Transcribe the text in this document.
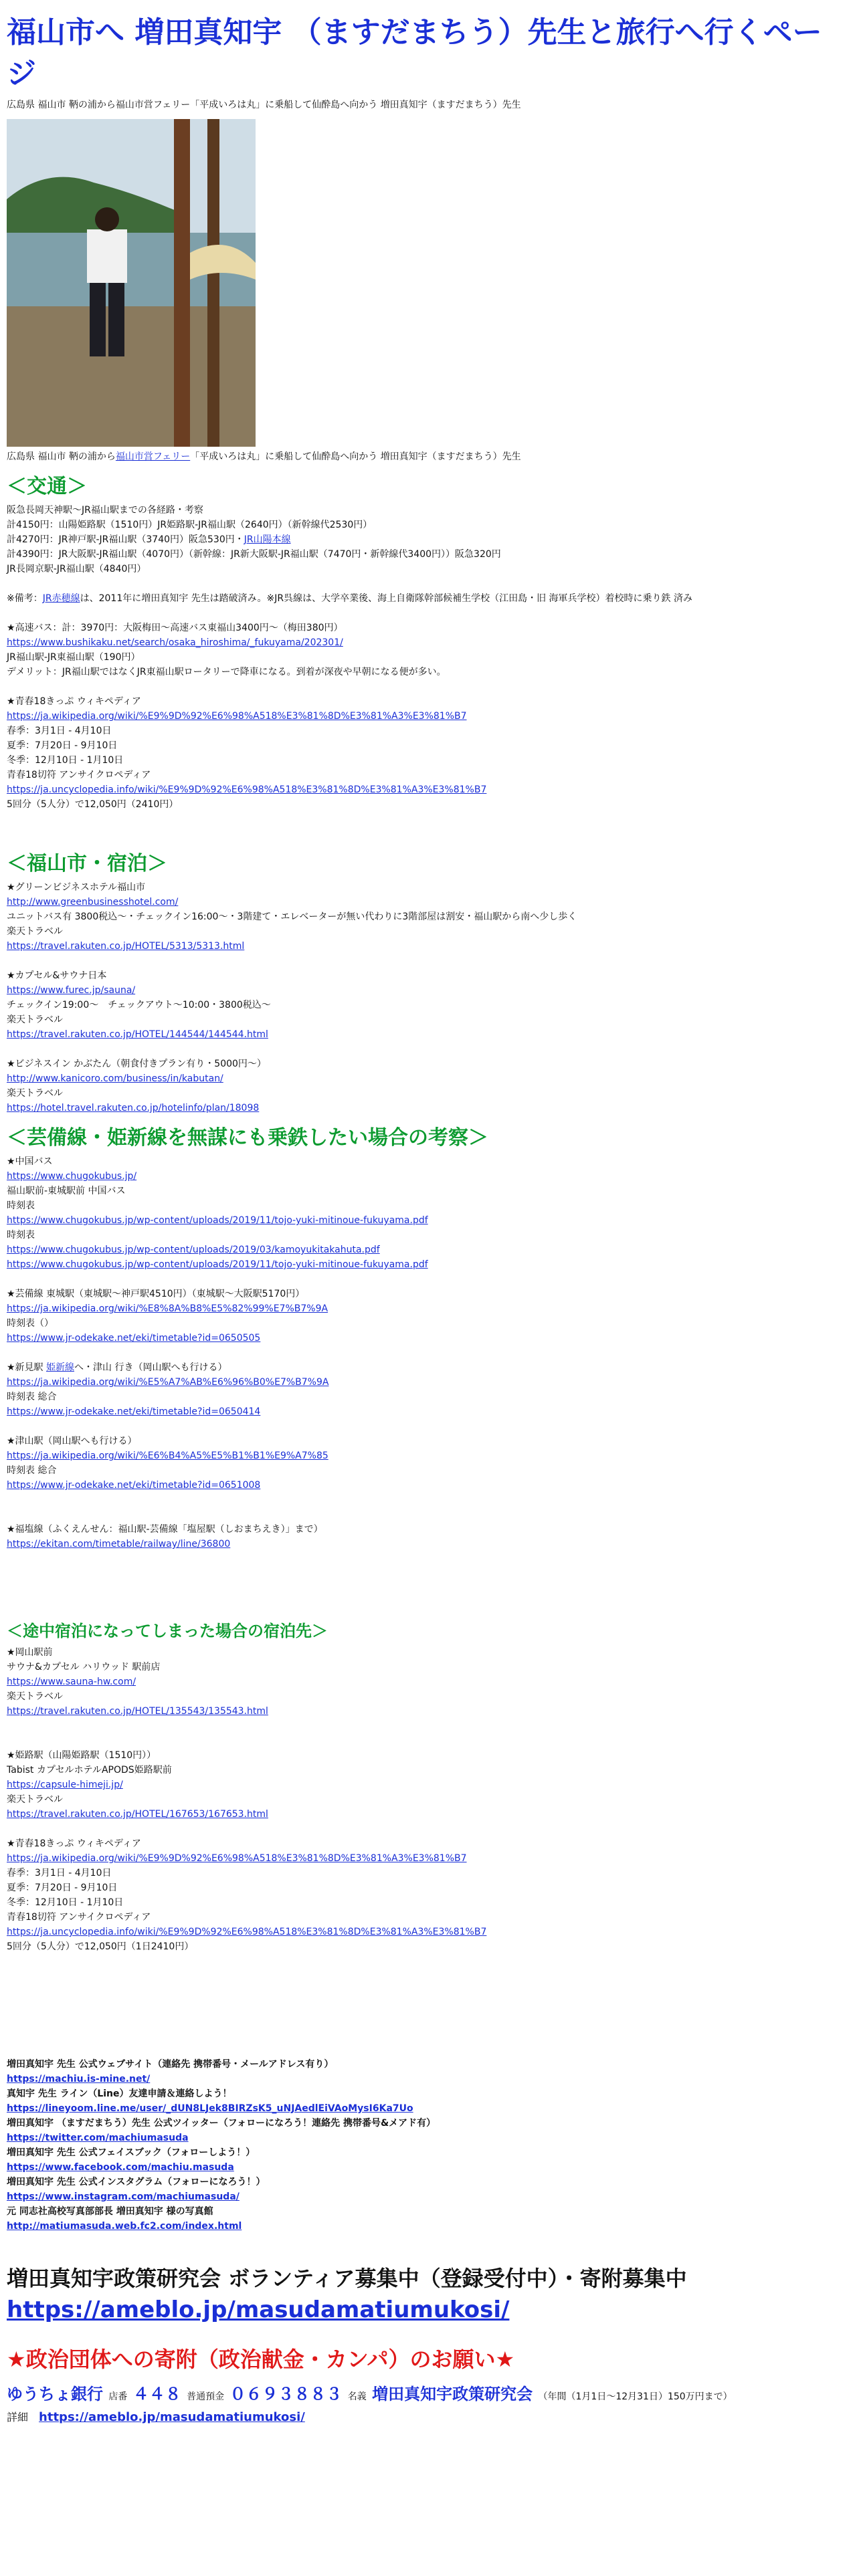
福山市へ 増田真知宇 （ますだまちう）先生と旅行へ行くページ

広島県 福山市 鞆の浦から福山市営フェリー「平成いろは丸」に乗船して仙酔島へ向かう 増田真知宇（ますだまちう）先生

広島県 福山市 鞆の浦から福山市営フェリー「平成いろは丸」に乗船して仙酔島へ向かう 増田真知宇（ますだまちう）先生

＜交通＞

阪急長岡天神駅〜JR福山駅までの各経路・考察

計4150円：山陽姫路駅（1510円）JR姫路駅-JR福山駅（2640円）（新幹線代2530円）

計4270円：JR神戸駅-JR福山駅（3740円）阪急530円・JR山陽本線

計4390円：JR大阪駅-JR福山駅（4070円）（新幹線：JR新大阪駅-JR福山駅（7470円・新幹線代3400円））阪急320円

JR長岡京駅-JR福山駅（4840円）

※備考：JR赤穂線は、2011年に増田真知宇 先生は踏破済み。※JR呉線は、大学卒業後、海上自衛隊幹部候補生学校（江田島・旧 海軍兵学校）着校時に乗り鉄 済み

★高速バス：計：3970円：大阪梅田〜高速バス東福山3400円〜（梅田380円）

https://www.bushikaku.net/search/osaka_hiroshima/_fukuyama/202301/

JR福山駅-JR東福山駅（190円）

デメリット：JR福山駅ではなくJR東福山駅ロータリーで降車になる。到着が深夜や早朝になる便が多い。

★青春18きっぷ ウィキペディア

https://ja.wikipedia.org/wiki/%E9%9D%92%E6%98%A518%E3%81%8D%E3%81%A3%E3%81%B7

春季：3月1日 - 4月10日

夏季：7月20日 - 9月10日

冬季：12月10日 - 1月10日

青春18切符 アンサイクロペディア

https://ja.uncyclopedia.info/wiki/%E9%9D%92%E6%98%A518%E3%81%8D%E3%81%A3%E3%81%B7

5回分（5人分）で12,050円（2410円）

＜福山市・宿泊＞

★グリーンビジネスホテル福山市

http://www.greenbusinesshotel.com/

ユニットバス有 3800税込〜・チェックイン16:00〜・3階建て・エレベーターが無い代わりに3階部屋は割安・福山駅から南へ少し歩く

楽天トラベル

https://travel.rakuten.co.jp/HOTEL/5313/5313.html

★カプセル&サウナ日本

https://www.furec.jp/sauna/

チェックイン19:00〜　チェックアウト〜10:00・3800税込〜

楽天トラベル

https://travel.rakuten.co.jp/HOTEL/144544/144544.html

★ビジネスイン かぶたん（朝食付きプラン有り・5000円〜）

http://www.kanicoro.com/business/in/kabutan/

楽天トラベル

https://hotel.travel.rakuten.co.jp/hotelinfo/plan/18098

＜芸備線・姫新線を無謀にも乗鉄したい場合の考察＞

★中国バス

https://www.chugokubus.jp/

福山駅前-東城駅前 中国バス

時刻表

https://www.chugokubus.jp/wp-content/uploads/2019/11/tojo-yuki-mitinoue-fukuyama.pdf

時刻表

https://www.chugokubus.jp/wp-content/uploads/2019/03/kamoyukitakahuta.pdf

https://www.chugokubus.jp/wp-content/uploads/2019/11/tojo-yuki-mitinoue-fukuyama.pdf

★芸備線 東城駅（東城駅〜神戸駅4510円）（東城駅〜大阪駅5170円）

https://ja.wikipedia.org/wiki/%E8%8A%B8%E5%82%99%E7%B7%9A

時刻表（）

https://www.jr-odekake.net/eki/timetable?id=0650505

★新見駅 姫新線へ・津山 行き（岡山駅へも行ける）

https://ja.wikipedia.org/wiki/%E5%A7%AB%E6%96%B0%E7%B7%9A

時刻表 総合

https://www.jr-odekake.net/eki/timetable?id=0650414

★津山駅（岡山駅へも行ける）

https://ja.wikipedia.org/wiki/%E6%B4%A5%E5%B1%B1%E9%A7%85

時刻表 総合

https://www.jr-odekake.net/eki/timetable?id=0651008

★福塩線（ふくえんせん：福山駅-芸備線「塩屋駅（しおまちえき）」まで）

https://ekitan.com/timetable/railway/line/36800

＜途中宿泊になってしまった場合の宿泊先＞

★岡山駅前

サウナ&カプセル ハリウッド 駅前店

https://www.sauna-hw.com/

楽天トラベル

https://travel.rakuten.co.jp/HOTEL/135543/135543.html

★姫路駅（山陽姫路駅（1510円））

Tabist カプセルホテルAPODS姫路駅前

https://capsule-himeji.jp/

楽天トラベル

https://travel.rakuten.co.jp/HOTEL/167653/167653.html

★青春18きっぷ ウィキペディア

https://ja.wikipedia.org/wiki/%E9%9D%92%E6%98%A518%E3%81%8D%E3%81%A3%E3%81%B7

春季：3月1日 - 4月10日

夏季：7月20日 - 9月10日

冬季：12月10日 - 1月10日

青春18切符 アンサイクロペディア

https://ja.uncyclopedia.info/wiki/%E9%9D%92%E6%98%A518%E3%81%8D%E3%81%A3%E3%81%B7

5回分（5人分）で12,050円（1日2410円）

増田真知宇 先生 公式ウェブサイト（連絡先 携帯番号・メールアドレス有り）

https://machiu.is-mine.net/

真知宇 先生 ライン（Line）友達申請＆連絡しよう！

https://lineyoom.line.me/user/_dUN8LJek8BIRZsK5_uNJAedlEiVAoMysI6Ka7Uo

増田真知宇 （ますだまちう）先生 公式ツイッター（フォローになろう！連絡先 携帯番号&メアド有）

https://twitter.com/machiumasuda

増田真知宇 先生 公式フェイスブック（フォローしよう！）

https://www.facebook.com/machiu.masuda

増田真知宇 先生 公式インスタグラム（フォローになろう！）

https://www.instagram.com/machiumasuda/

元 同志社高校写真部部長 増田真知宇 様の写真館

http://matiumasuda.web.fc2.com/index.html

増田真知宇政策研究会 ボランティア募集中（登録受付中）・寄附募集中

https://ameblo.jp/masudamatiumukosi/

★政治団体への寄附（政治献金・カンパ）のお願い★

ゆうちょ銀行 店番 ４４８ 普通預金 ０６９３８８３ 名義 増田真知宇政策研究会 （年間（1月1日〜12月31日）150万円まで）

詳細　 https://ameblo.jp/masudamatiumukosi/
